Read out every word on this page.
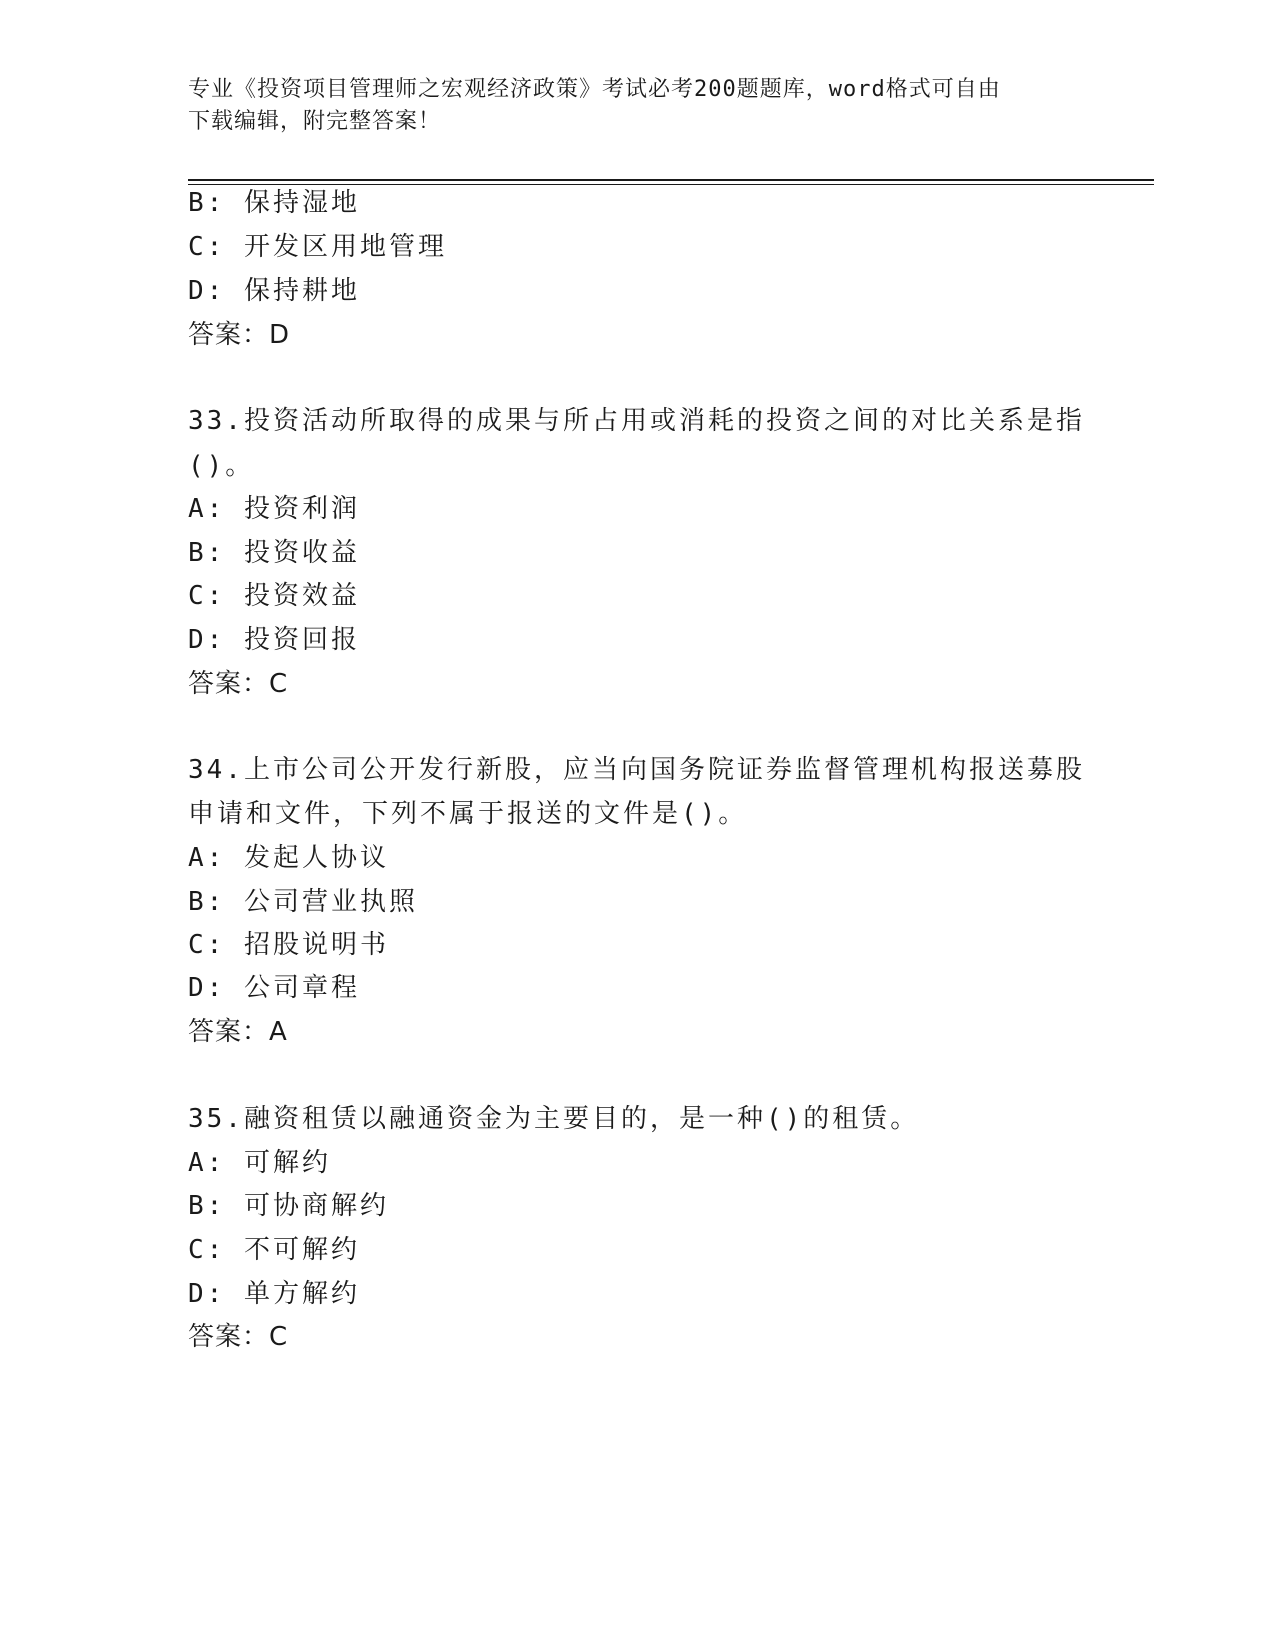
专业《投资项目管理师之宏观经济政策》考试必考200题题库，word格式可自由
下载编辑，附完整答案！
B: 保持湿地
C: 开发区用地管理
D: 保持耕地
答案：D
33.投资活动所取得的成果与所占用或消耗的投资之间的对比关系是指
()。
A: 投资利润
B: 投资收益
C: 投资效益
D: 投资回报
答案：C
34.上市公司公开发行新股，应当向国务院证券监督管理机构报送募股
申请和文件，下列不属于报送的文件是()。
A: 发起人协议
B: 公司营业执照
C: 招股说明书
D: 公司章程
答案：A
35.融资租赁以融通资金为主要目的，是一种()的租赁。
A: 可解约
B: 可协商解约
C: 不可解约
D: 单方解约
答案：C
